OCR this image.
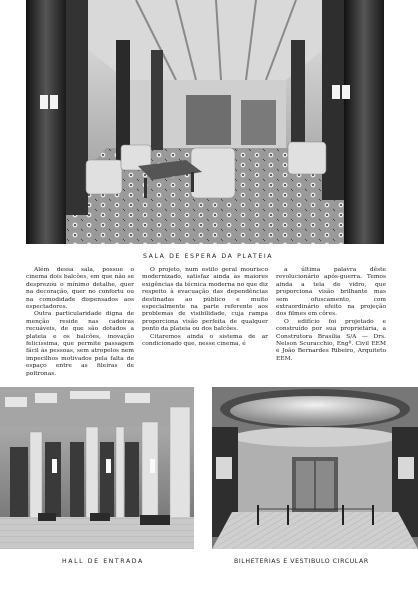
SALA DE ESPERA DA PLATEIA

Além dessa sala, possue o cinema dois balcões, em que não se desprezou o mínimo detalhe, quer na decoração, quer no confortu ou na comodidade dispensados aos espectadores.

Outra particularidade digna de menção reside nas cadeiras recuáveis, de que são dotados a plateia e os balcões, inovação felicíssima, que permite passagem fácil às pessoas, sem atropelos nem impecilhos motivados pela falta de espaço entre as fileiras de poltronas.

O projeto, num estilo geral mourisco modernizado, satisfaz ainda às maiores exigências da técnica moderna no que diz respeito à evacuação das dependências destinadas ao público e muito especialmente na parte referente aos problemas de visibilidade, cuja rampa proporciona visão perfeita de qualquer ponto da plateia ou dos balcões.

Citaremos ainda o sistema de ar condicionado que, nesse cinema, é

a última palavra dêste revolucionário após-guerra. Temos ainda a tela de vidro, que proporciona visão brilhante mas sem ofuscamento, com extraordinário efeito na projeção dos filmes em côres.

O edifício foi projetado e construído por sua proprietária, a Construtora Brasília S/A — Drs. Nelson Scuracchio, Engº. Civil EEM e João Bernardes Ribeiro, Arquiteto EEM.

HALL DE ENTRADA	BILHETERIAS E VESTIBULO CIRCULAR
